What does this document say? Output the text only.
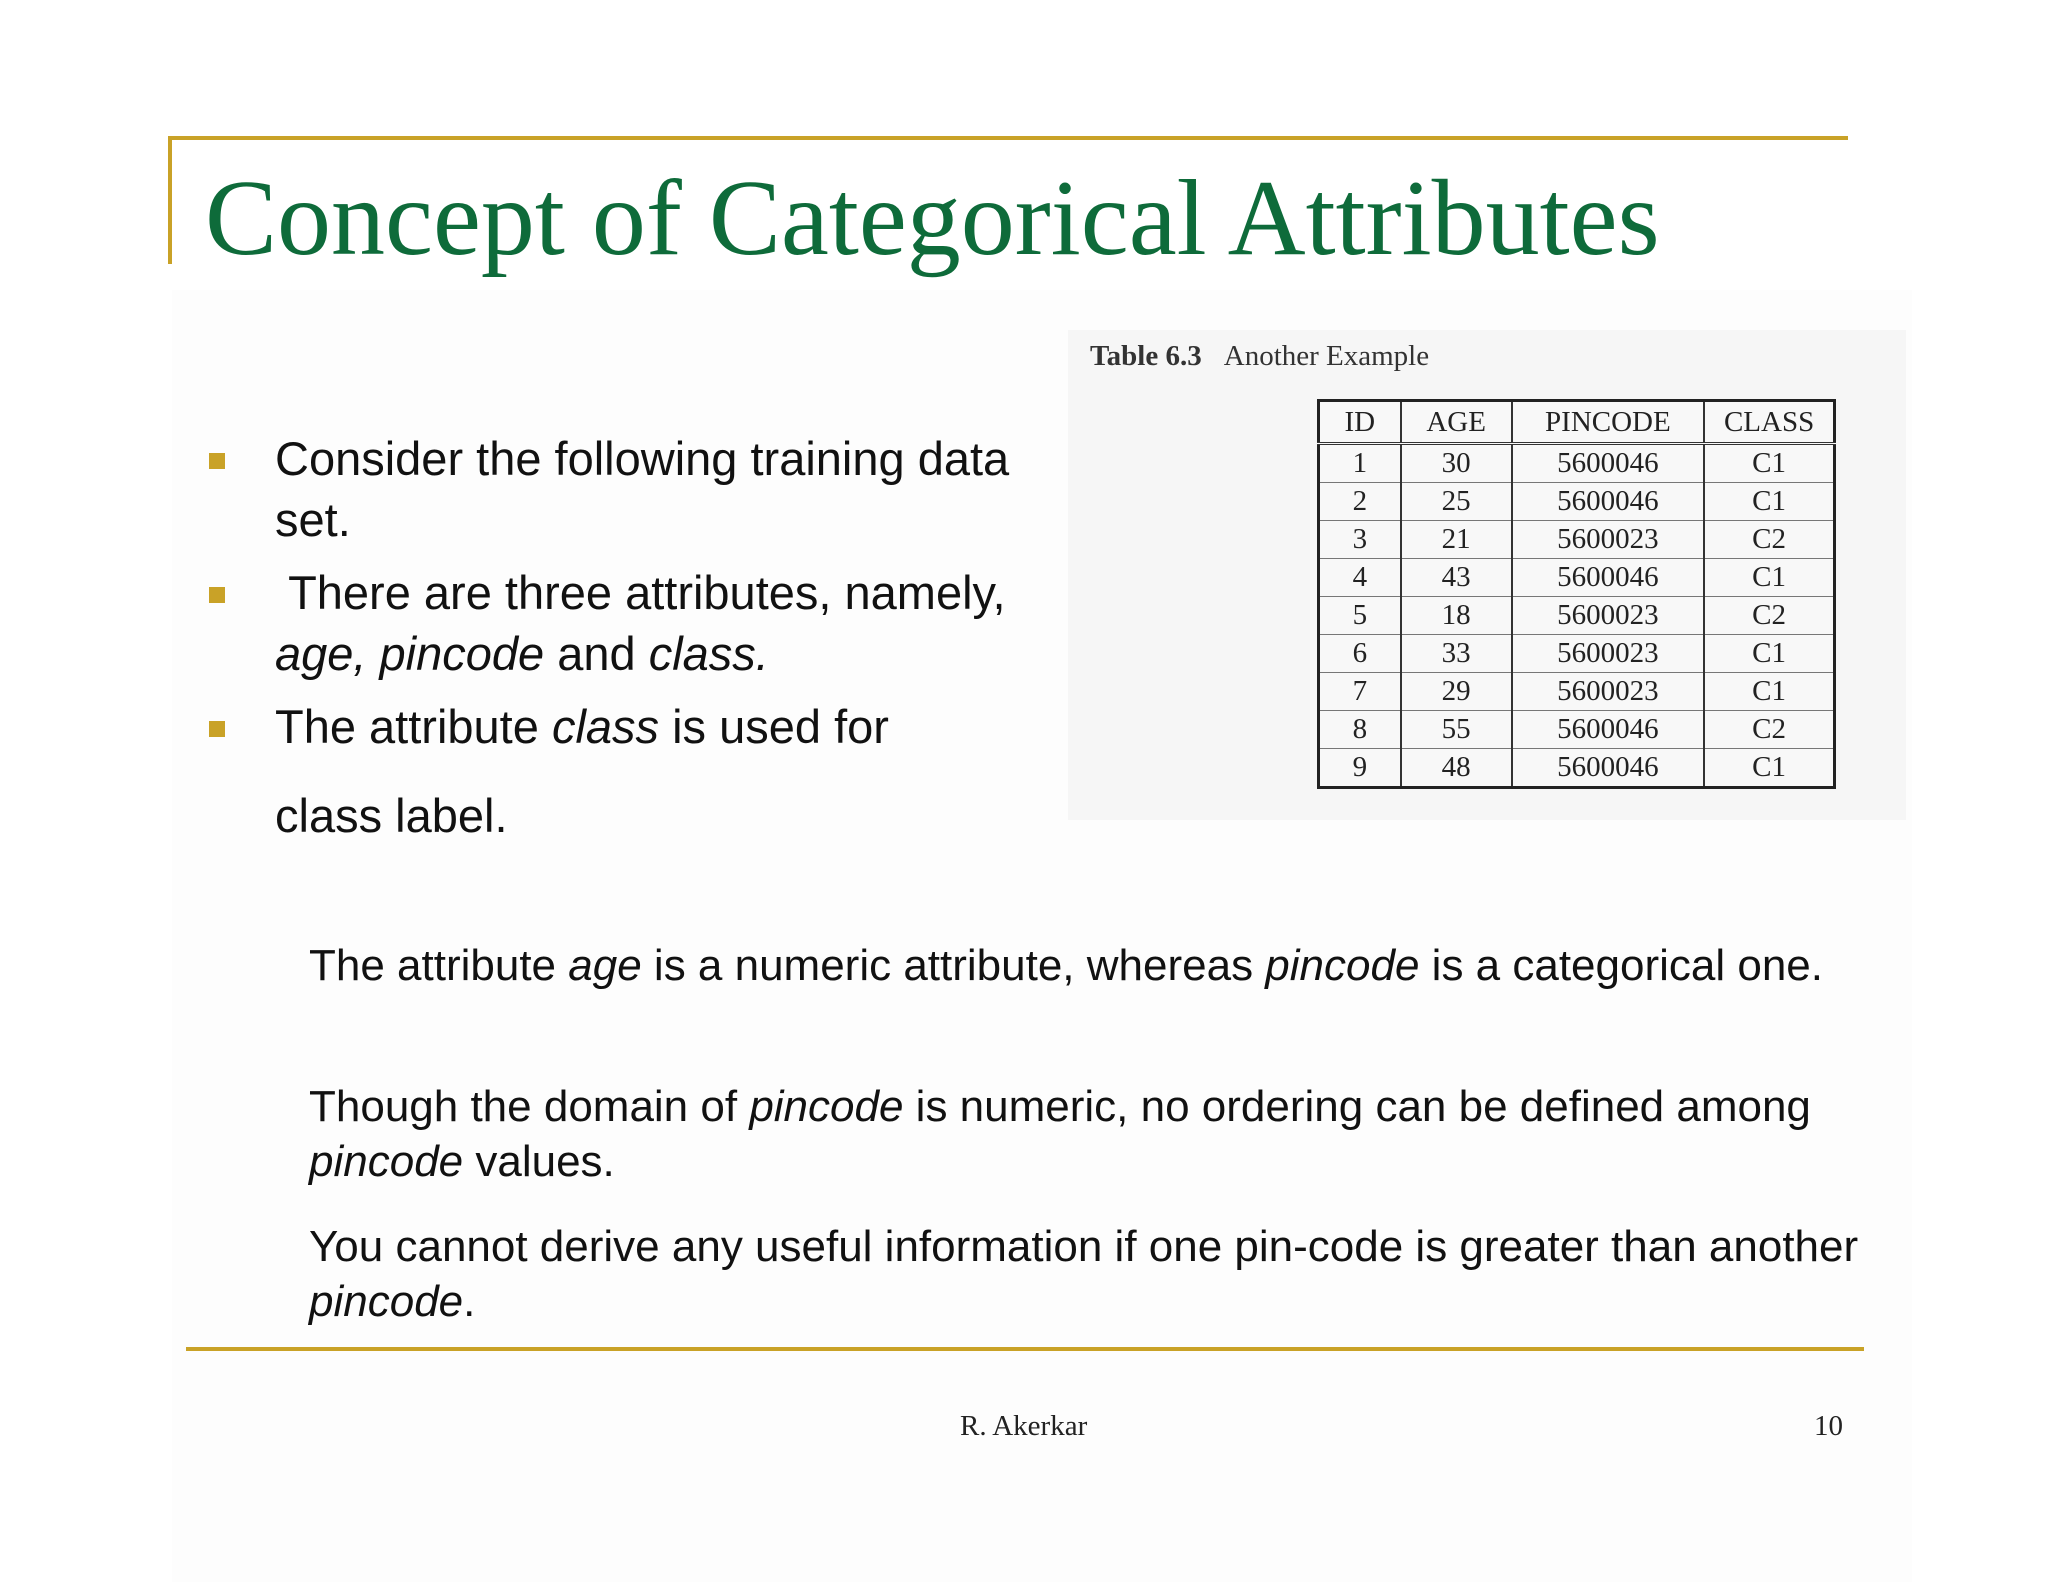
Concept of Categorical Attributes
Consider the following training data set.
There are three attributes, namely, age, pincode and class.
The attribute class is used for
class label.

Table 6.3 Another Example

ID	AGE	PINCODE	CLASS
1	30	5600046	C1
2	25	5600046	C1
3	21	5600023	C2
4	43	5600046	C1
5	18	5600023	C2
6	33	5600023	C1
7	29	5600023	C1
8	55	5600046	C2
9	48	5600046	C1

The attribute age is a numeric attribute, whereas pincode is a categorical one.

Though the domain of pincode is numeric, no ordering can be defined among pincode values.

You cannot derive any useful information if one pin-code is greater than another pincode.

R. Akerkar	10
